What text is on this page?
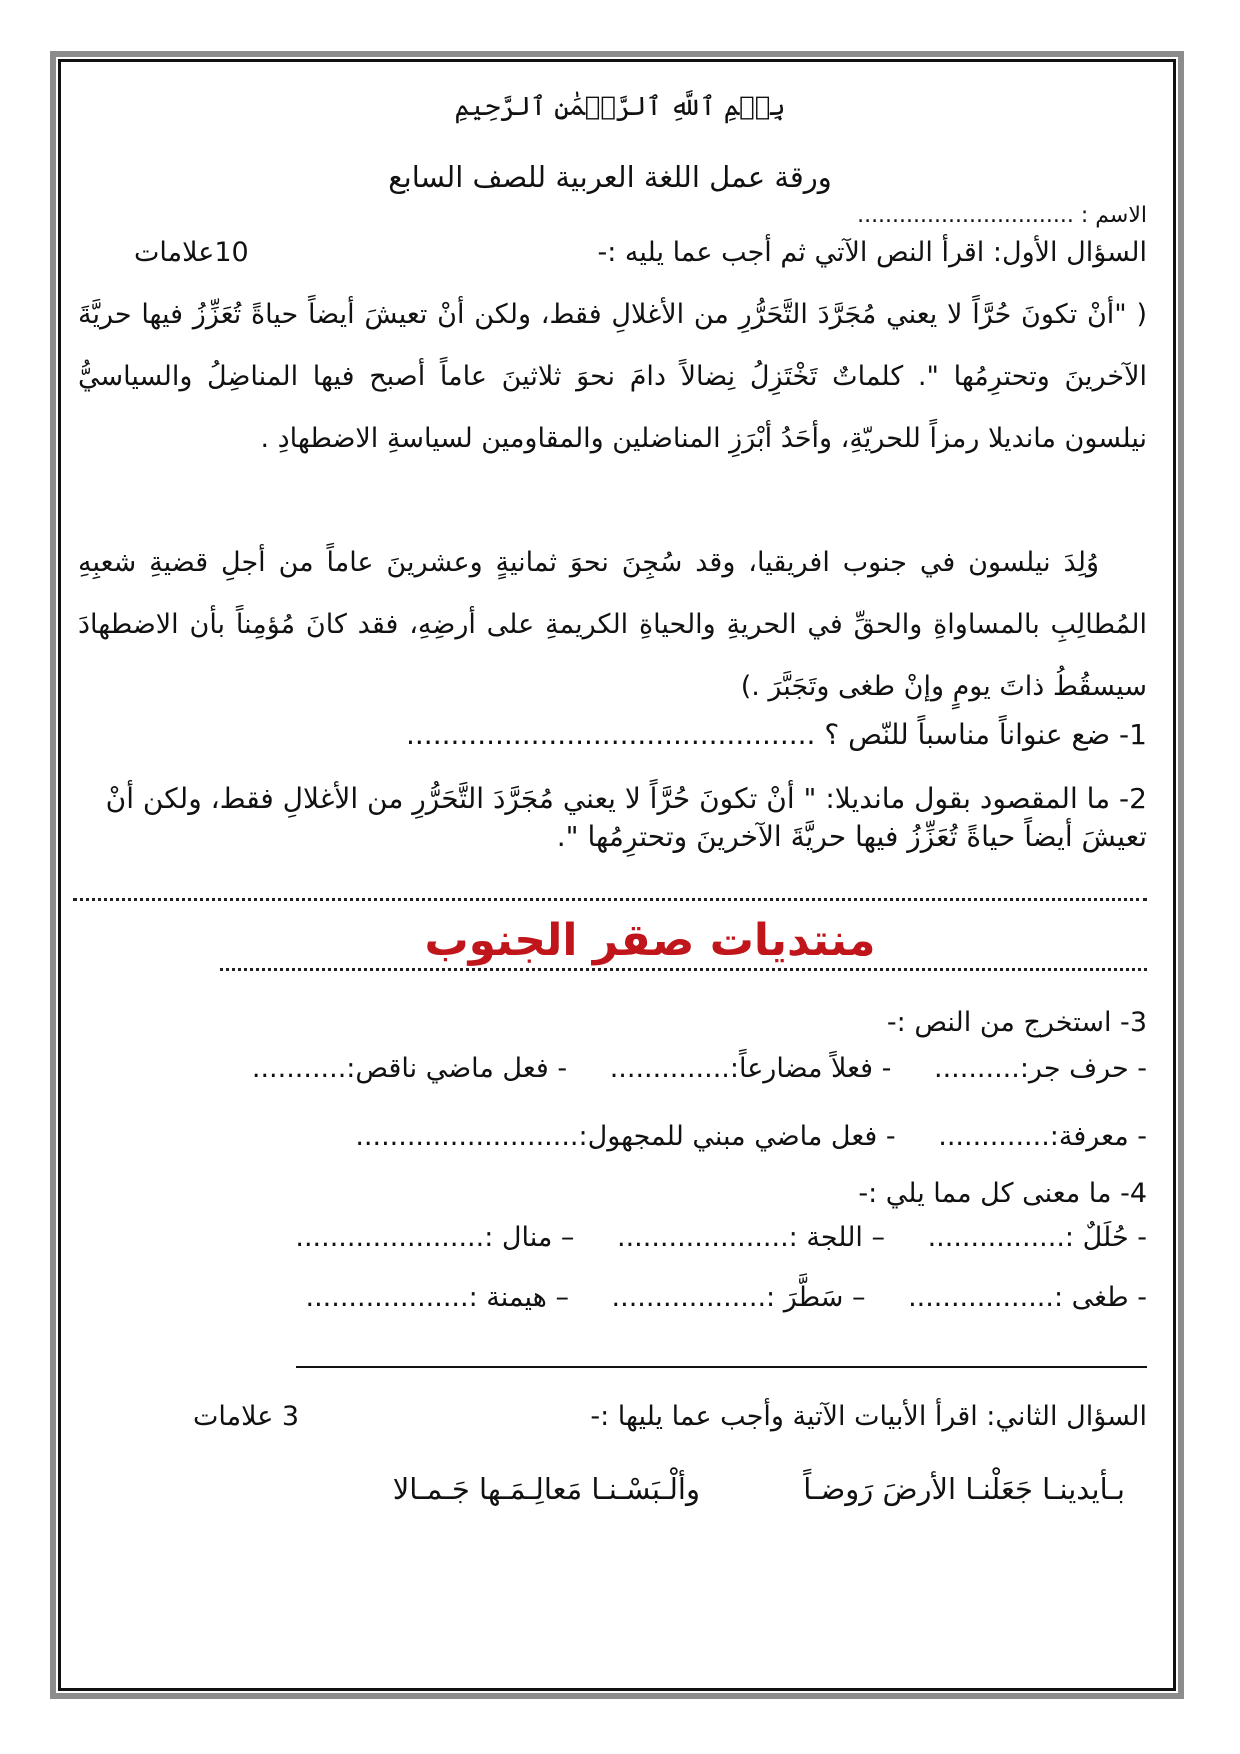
بِسۡمِ ٱللَّهِ ٱلرَّحۡمَٰنِ ٱلرَّحِيمِ
ورقة عمل اللغة العربية للصف السابع
الاسم : ...............................
السؤال الأول: اقرأ النص الآتي ثم أجب عما يليه :-
10علامات
( "أنْ تكونَ حُرَّاً لا يعني مُجَرَّدَ التَّحَرُّرِ من الأغلالِ فقط، ولكن أنْ تعيشَ أيضاً حياةً تُعَزِّزُ فيها حريَّةَ الآخرينَ وتحترِمُها ". كلماتٌ تَخْتَزِلُ نِضالاً دامَ نحوَ ثلاثينَ عاماً أصبح فيها المناضِلُ والسياسيُّ نيلسون مانديلا رمزاً للحريّةِ، وأحَدُ أبْرَزِ المناضلين والمقاومين لسياسةِ الاضطهادِ .
وُلِدَ نيلسون في جنوب افريقيا، وقد سُجِنَ نحوَ ثمانيةٍ وعشرينَ عاماً من أجلِ قضيةِ شعبِهِ المُطالِبِ بالمساواةِ والحقِّ في الحريةِ والحياةِ الكريمةِ على أرضِهِ، فقد كانَ مُؤمِناً بأن الاضطهادَ سيسقُطُ ذاتَ يومٍ وإنْ طغى وتَجَبَّرَ .)
1- ضع عنواناً مناسباً للنّص ؟ ..............................................
2- ما المقصود بقول مانديلا: " أنْ تكونَ حُرَّاً لا يعني مُجَرَّدَ التَّحَرُّرِ من الأغلالِ فقط، ولكن أنْ تعيشَ أيضاً حياةً تُعَزِّزُ فيها حريَّةَ الآخرينَ وتحترِمُها ".
منتديات صقر الجنوب
3- استخرج من النص :-
- حرف جر:.......... - فعلاً مضارعاً:.............. - فعل ماضي ناقص:...........
- معرفة:............. - فعل ماضي مبني للمجهول:..........................
4- ما معنى كل مما يلي :-
- حُلَلٌ :................ – اللجة :.................... – منال :......................
- طغى :................. – سَطَّرَ :.................. – هيمنة :...................
السؤال الثاني: اقرأ الأبيات الآتية وأجب عما يليها :-
3 علامات
بـأيدينـا جَعَلْنـا الأرضَ رَوضـاً
وألْـبَسْـنـا مَعالِـمَـها جَـمـالا
